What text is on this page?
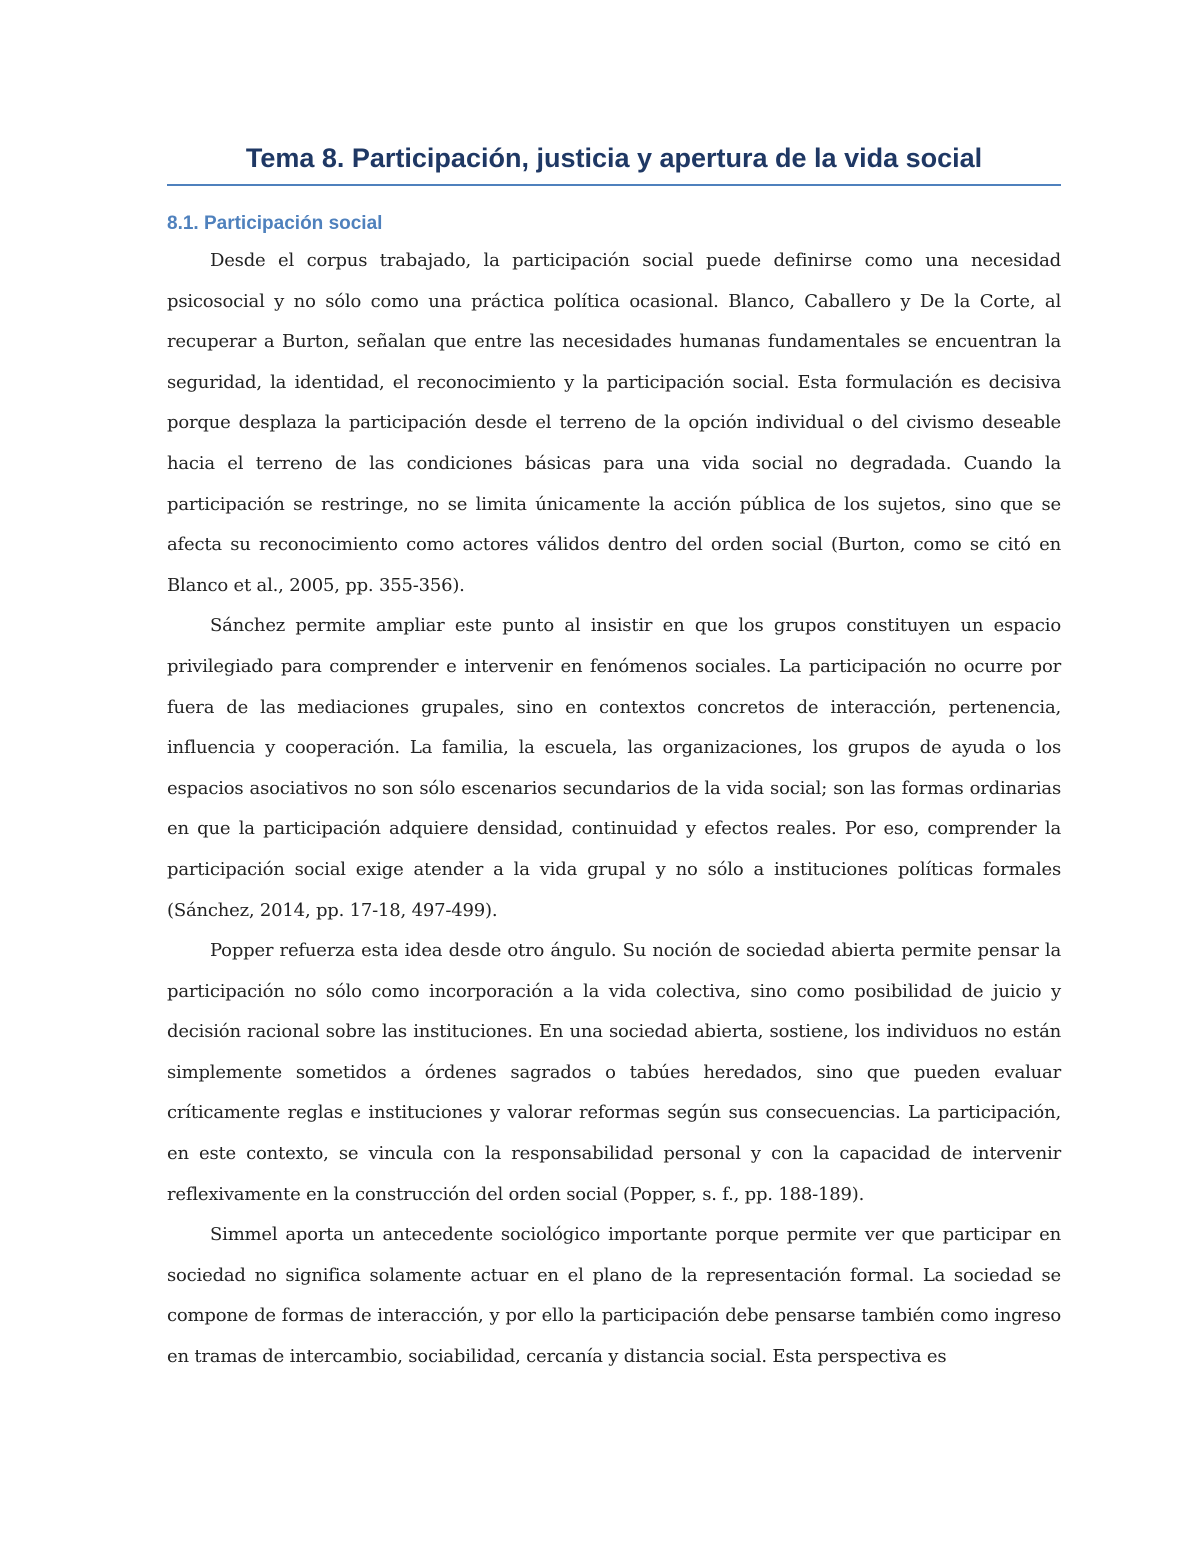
Tema 8. Participación, justicia y apertura de la vida social
8.1. Participación social

Desde el corpus trabajado, la participación social puede definirse como una necesidad psicosocial y no sólo como una práctica política ocasional. Blanco, Caballero y De la Corte, al recuperar a Burton, señalan que entre las necesidades humanas fundamentales se encuentran la seguridad, la identidad, el reconocimiento y la participación social. Esta formulación es decisiva porque desplaza la participación desde el terreno de la opción individual o del civismo deseable hacia el terreno de las condiciones básicas para una vida social no degradada. Cuando la participación se restringe, no se limita únicamente la acción pública de los sujetos, sino que se afecta su reconocimiento como actores válidos dentro del orden social (Burton, como se citó en Blanco et al., 2005, pp. 355-356).

Sánchez permite ampliar este punto al insistir en que los grupos constituyen un espacio privilegiado para comprender e intervenir en fenómenos sociales. La participación no ocurre por fuera de las mediaciones grupales, sino en contextos concretos de interacción, pertenencia, influencia y cooperación. La familia, la escuela, las organizaciones, los grupos de ayuda o los espacios asociativos no son sólo escenarios secundarios de la vida social; son las formas ordinarias en que la participación adquiere densidad, continuidad y efectos reales. Por eso, comprender la participación social exige atender a la vida grupal y no sólo a instituciones políticas formales (Sánchez, 2014, pp. 17-18, 497-499).

Popper refuerza esta idea desde otro ángulo. Su noción de sociedad abierta permite pensar la participación no sólo como incorporación a la vida colectiva, sino como posibilidad de juicio y decisión racional sobre las instituciones. En una sociedad abierta, sostiene, los individuos no están simplemente sometidos a órdenes sagrados o tabúes heredados, sino que pueden evaluar críticamente reglas e instituciones y valorar reformas según sus consecuencias. La participación, en este contexto, se vincula con la responsabilidad personal y con la capacidad de intervenir reflexivamente en la construcción del orden social (Popper, s. f., pp. 188-189).

Simmel aporta un antecedente sociológico importante porque permite ver que participar en sociedad no significa solamente actuar en el plano de la representación formal. La sociedad se compone de formas de interacción, y por ello la participación debe pensarse también como ingreso en tramas de intercambio, sociabilidad, cercanía y distancia social. Esta perspectiva es
